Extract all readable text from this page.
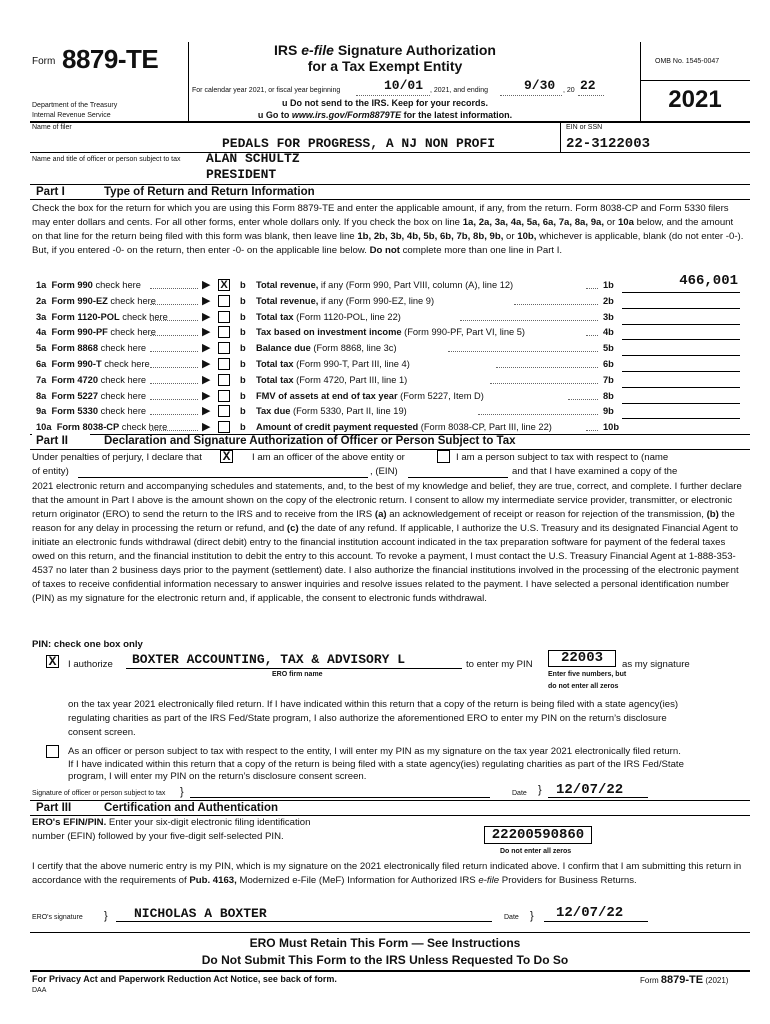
Form 8879-TE	IRS e-file Signature Authorization
for a Tax Exempt Entity
For calendar year 2021, or fiscal year beginning	10/01 , 2021, and ending	9/30 , 20 22
u Do not send to the IRS. Keep for your records.
u Go to www.irs.gov/Form8879TE for the latest information.
Department of the Treasury
Internal Revenue Service
OMB No. 1545-0047
2021
Name of filer	EIN or SSN
PEDALS FOR PROGRESS, A NJ NON PROFI	22-3122003
Name and title of officer or person subject to tax ALAN SCHULTZ
PRESIDENT
Part I	Type of Return and Return Information
Check the box for the return for which you are using this Form 8879-TE and enter the applicable amount, if any, from the return. Form 8038-CP and Form 5330 filers may enter dollars and cents. For all other forms, enter whole dollars only. If you check the box on line 1a, 2a, 3a, 4a, 5a, 6a, 7a, 8a, 9a, or 10a below, and the amount on that line for the return being filed with this form was blank, then leave line 1b, 2b, 3b, 4b, 5b, 6b, 7b, 8b, 9b, or 10b, whichever is applicable, blank (do not enter -0-). But, if you entered -0- on the return, then enter -0- on the applicable line below. Do not complete more than one line in Part I.
1a Form 990 check here	▶ X b Total revenue, if any (Form 990, Part VIII, column (A), line 12)	1b	466,001
2a Form 990-EZ check here	▶	b Total revenue, if any (Form 990-EZ, line 9)	2b
3a Form 1120-POL check here	▶	b Total tax (Form 1120-POL, line 22)	3b
4a Form 990-PF check here	▶	b Tax based on investment income (Form 990-PF, Part VI, line 5)	4b
5a Form 8868 check here	▶	b Balance due (Form 8868, line 3c)	5b
6a Form 990-T check here	▶	b Total tax (Form 990-T, Part III, line 4)	6b
7a Form 4720 check here	▶	b Total tax (Form 4720, Part III, line 1)	7b
8a Form 5227 check here	▶	b FMV of assets at end of tax year (Form 5227, Item D)	8b
9a Form 5330 check here	▶	b Tax due (Form 5330, Part II, line 19)	9b
10a Form 8038-CP check here	▶	b Amount of credit payment requested (Form 8038-CP, Part III, line 22)	10b
Part II	Declaration and Signature Authorization of Officer or Person Subject to Tax
Under penalties of perjury, I declare that X I am an officer of the above entity or	I am a person subject to tax with respect to (name
of entity)	, (EIN)	and that I have examined a copy of the
2021 electronic return and accompanying schedules and statements, and, to the best of my knowledge and belief, they are true, correct, and complete. I further declare that the amount in Part I above is the amount shown on the copy of the electronic return. I consent to allow my intermediate service provider, transmitter, or electronic return originator (ERO) to send the return to the IRS and to receive from the IRS (a) an acknowledgement of receipt or reason for rejection of the transmission, (b) the reason for any delay in processing the return or refund, and (c) the date of any refund. If applicable, I authorize the U.S. Treasury and its designated Financial Agent to initiate an electronic funds withdrawal (direct debit) entry to the financial institution account indicated in the tax preparation software for payment of the federal taxes owed on this return, and the financial institution to debit the entry to this account. To revoke a payment, I must contact the U.S. Treasury Financial Agent at 1-888-353-4537 no later than 2 business days prior to the payment (settlement) date. I also authorize the financial institutions involved in the processing of the electronic payment of taxes to receive confidential information necessary to answer inquiries and resolve issues related to the payment. I have selected a personal identification number (PIN) as my signature for the electronic return and, if applicable, the consent to electronic funds withdrawal.
PIN: check one box only
X I authorize BOXTER ACCOUNTING, TAX & ADVISORY L
ERO firm name
to enter my PIN	22003	as my signature
Enter five numbers, but
do not enter all zeros
on the tax year 2021 electronically filed return. If I have indicated within this return that a copy of the return is being filed with a state agency(ies) regulating charities as part of the IRS Fed/State program, I also authorize the aforementioned ERO to enter my PIN on the return’s disclosure consent screen.
As an officer or person subject to tax with respect to the entity, I will enter my PIN as my signature on the tax year 2021 electronically filed return. If I have indicated within this return that a copy of the return is being filed with a state agency(ies) regulating charities as part of the IRS Fed/State program, I will enter my PIN on the return’s disclosure consent screen.
Signature of officer or person subject to tax }	Date } 12/07/22
Part III	Certification and Authentication
ERO's EFIN/PIN. Enter your six-digit electronic filing identification
number (EFIN) followed by your five-digit self-selected PIN.	22200590860
Do not enter all zeros
I certify that the above numeric entry is my PIN, which is my signature on the 2021 electronically filed return indicated above. I confirm that I am submitting this return in accordance with the requirements of Pub. 4163, Modernized e-File (MeF) Information for Authorized IRS e-file Providers for Business Returns.
ERO's signature } NICHOLAS A BOXTER	Date } 12/07/22
ERO Must Retain This Form — See Instructions
Do Not Submit This Form to the IRS Unless Requested To Do So
For Privacy Act and Paperwork Reduction Act Notice, see back of form.
DAA
Form 8879-TE (2021)
